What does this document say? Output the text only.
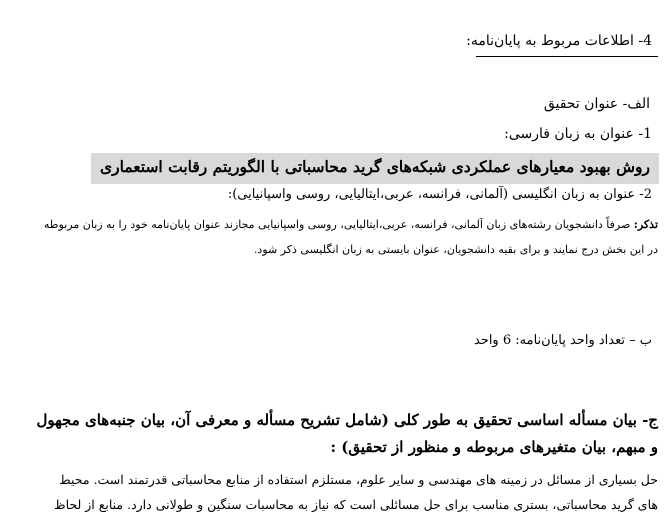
4- اطلاعات مربوط به پایان‌نامه:
الف- عنوان تحقیق
1- عنوان به زبان فارسی:
روش بهبود معیارهای عملکردی شبکه‌های گرید محاسباتی با الگوریتم رقابت استعماری
2- عنوان به زبان انگلیسی (آلمانی، فرانسه، عربی،ایتالیایی، روسی واسپانیایی):
تذکر: صرفاً دانشجویان رشته‌های زبان آلمانی، فرانسه، عربی،ایتالیایی، روسی واسپانیایی مجازند عنوان پایان‌نامه خود را به زبان مربوطه
در این بخش درج نمایند و برای بقیه دانشجویان، عنوان بایستی به زبان انگلیسی ذکر شود.
ب – تعداد واحد پایان‌نامه: 6 واحد
ج- بیان مسأله اساسی تحقیق به طور کلی (شامل تشریح مسأله و معرفی آن، بیان جنبه‌های مجهول
و مبهم، بیان متغیرهای مربوطه و منظور از تحقیق) :
حل بسیاری از مسائل در زمینه های مهندسی و سایر علوم، مستلزم استفاده از منابع محاسباتی قدرتمند است. محیط
های گرید محاسباتی، بستری مناسب برای حل مسائلی است که نیاز به محاسبات سنگین و طولانی دارد. منابع از لحاظ
